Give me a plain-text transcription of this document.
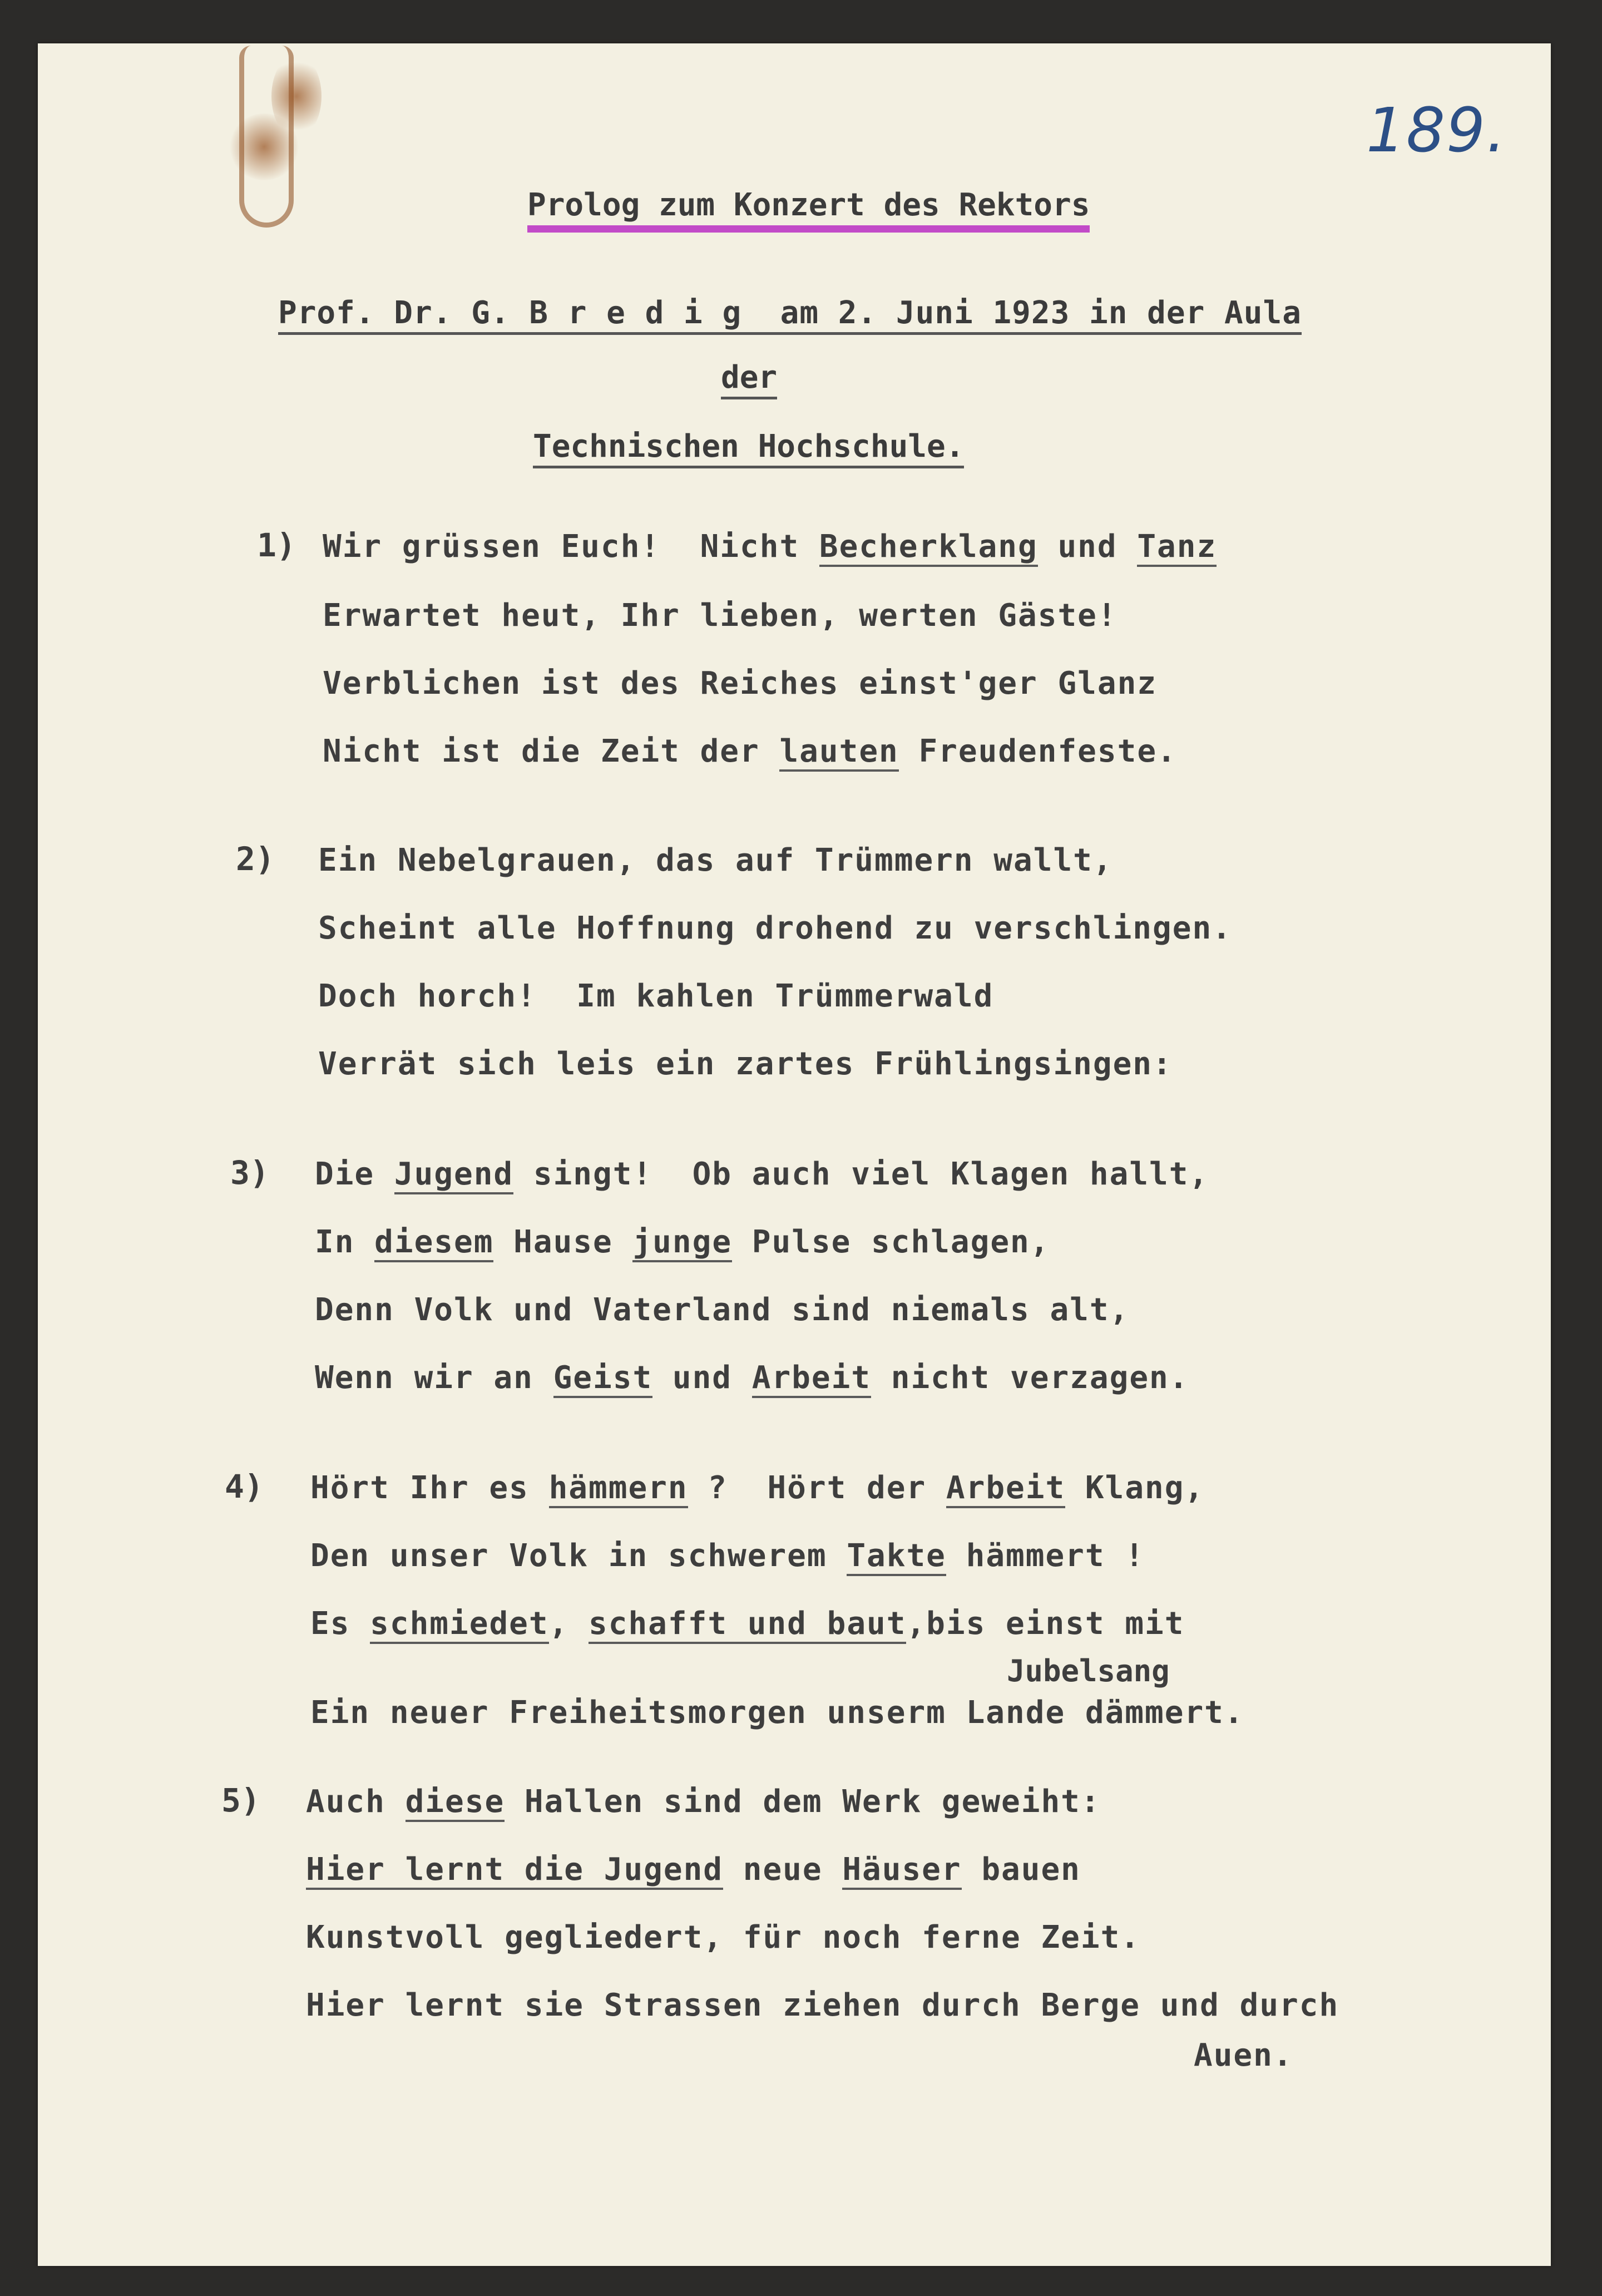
189.
Prolog zum Konzert des Rektors
Prof. Dr. G. B r e d i g  am 2. Juni 1923 in der Aula
der
Technischen Hochschule.
1) Wir grüssen Euch!  Nicht Becherklang und Tanz
Erwartet heut, Ihr lieben, werten Gäste!
Verblichen ist des Reiches einst'ger Glanz
Nicht ist die Zeit der lauten Freudenfeste.
2) Ein Nebelgrauen, das auf Trümmern wallt,
Scheint alle Hoffnung drohend zu verschlingen.
Doch horch!  Im kahlen Trümmerwald
Verrät sich leis ein zartes Frühlingsingen:
3) Die Jugend singt!  Ob auch viel Klagen hallt,
In diesem Hause junge Pulse schlagen,
Denn Volk und Vaterland sind niemals alt,
Wenn wir an Geist und Arbeit nicht verzagen.
4) Hört Ihr es hämmern ?  Hört der Arbeit Klang,
Den unser Volk in schwerem Takte hämmert !
Es schmiedet, schafft und baut,bis einst mit
Jubelsang
Ein neuer Freiheitsmorgen unserm Lande dämmert.
5) Auch diese Hallen sind dem Werk geweiht:
Hier lernt die Jugend neue Häuser bauen
Kunstvoll gegliedert, für noch ferne Zeit.
Hier lernt sie Strassen ziehen durch Berge und durch
Auen.
